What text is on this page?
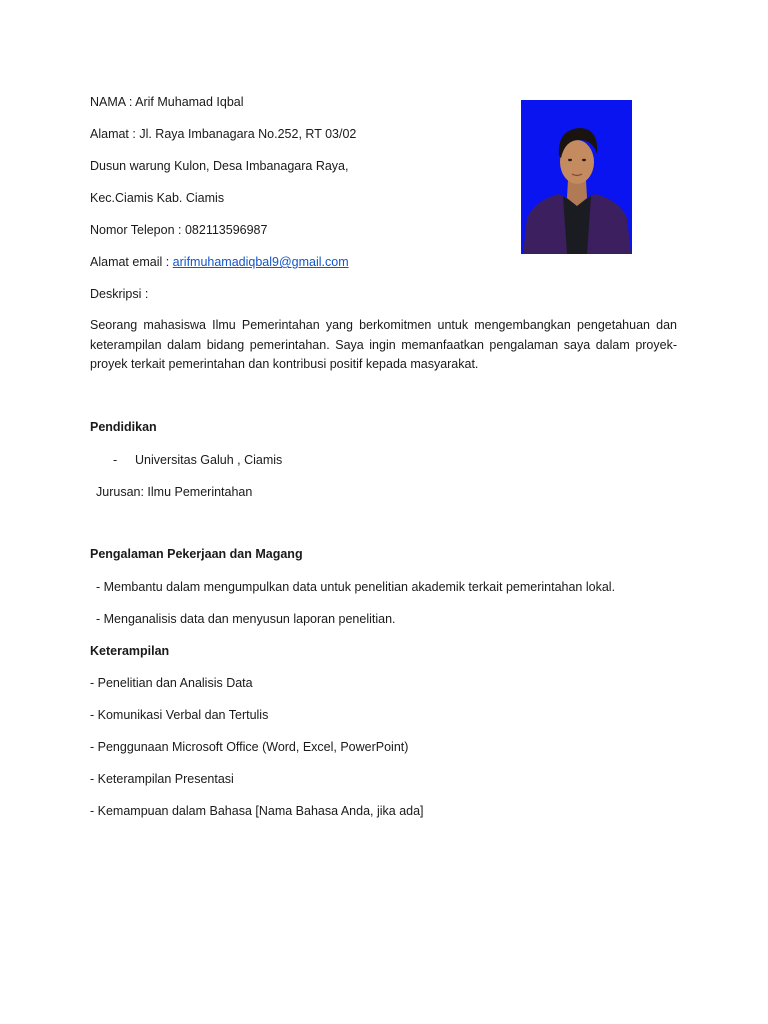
NAMA : Arif Muhamad Iqbal
Alamat : Jl. Raya Imbanagara No.252, RT 03/02
Dusun warung Kulon, Desa Imbanagara Raya,
Kec.Ciamis Kab. Ciamis
Nomor Telepon : 082113596987
Alamat email : arifmuhamadiqbal9@gmail.com
Deskripsi :
Seorang mahasiswa Ilmu Pemerintahan yang berkomitmen untuk mengembangkan pengetahuan dan keterampilan dalam bidang pemerintahan. Saya ingin memanfaatkan pengalaman saya dalam proyek-proyek terkait pemerintahan dan kontribusi positif kepada masyarakat.
Pendidikan
- Universitas Galuh , Ciamis
Jurusan: Ilmu Pemerintahan
Pengalaman Pekerjaan dan Magang
- Membantu dalam mengumpulkan data untuk penelitian akademik terkait pemerintahan lokal.
- Menganalisis data dan menyusun laporan penelitian.
Keterampilan
- Penelitian dan Analisis Data
- Komunikasi Verbal dan Tertulis
- Penggunaan Microsoft Office (Word, Excel, PowerPoint)
- Keterampilan Presentasi
- Kemampuan dalam Bahasa [Nama Bahasa Anda, jika ada]
